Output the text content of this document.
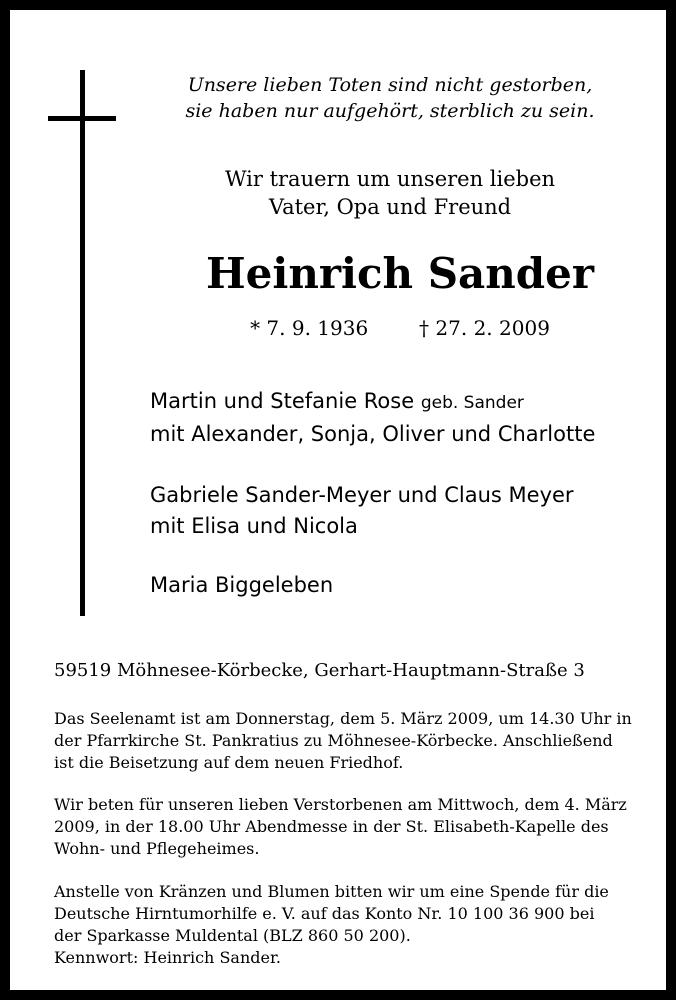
Unsere lieben Toten sind nicht gestorben,
sie haben nur aufgehört, sterblich zu sein.
Wir trauern um unseren lieben
Vater, Opa und Freund
Heinrich Sander
* 7. 9. 1936        † 27. 2. 2009
Martin und Stefanie Rose geb. Sander
mit Alexander, Sonja, Oliver und Charlotte
Gabriele Sander-Meyer und Claus Meyer
mit Elisa und Nicola
Maria Biggeleben
59519 Möhnesee-Körbecke, Gerhart-Hauptmann-Straße 3
Das Seelenamt ist am Donnerstag, dem 5. März 2009, um 14.30 Uhr in
der Pfarrkirche St. Pankratius zu Möhnesee-Körbecke. Anschließend
ist die Beisetzung auf dem neuen Friedhof.
Wir beten für unseren lieben Verstorbenen am Mittwoch, dem 4. März
2009, in der 18.00 Uhr Abendmesse in der St. Elisabeth-Kapelle des
Wohn- und Pflegeheimes.
Anstelle von Kränzen und Blumen bitten wir um eine Spende für die
Deutsche Hirntumorhilfe e. V. auf das Konto Nr. 10 100 36 900 bei
der Sparkasse Muldental (BLZ 860 50 200).
Kennwort: Heinrich Sander.
